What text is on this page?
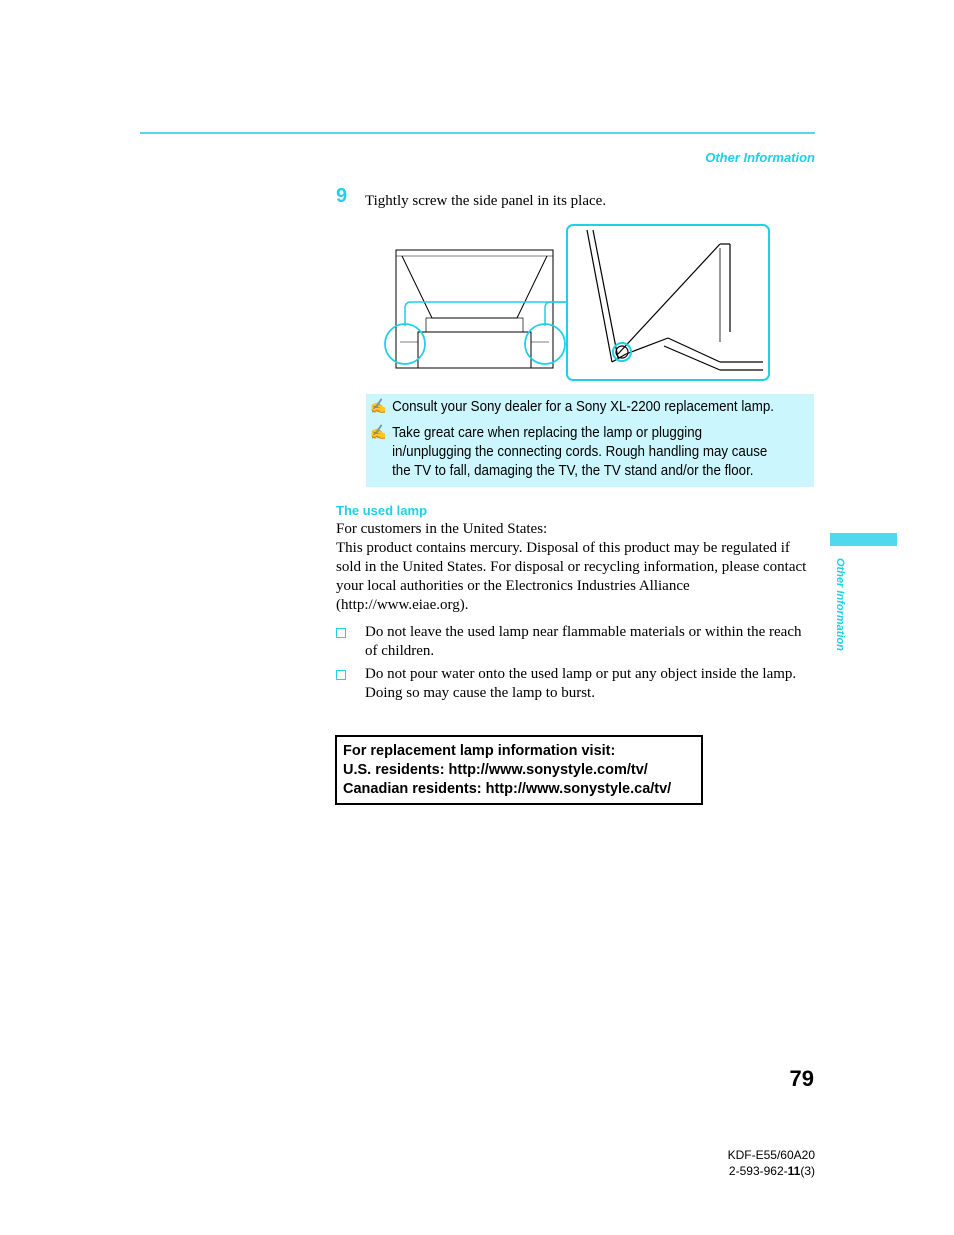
Other Information
9 Tightly screw the side panel in its place.
✍ Consult your Sony dealer for a Sony XL-2200 replacement lamp.
✍ Take great care when replacing the lamp or plugging in/unplugging the connecting cords. Rough handling may cause the TV to fall, damaging the TV, the TV stand and/or the floor.
The used lamp
For customers in the United States:
This product contains mercury. Disposal of this product may be regulated if sold in the United States. For disposal or recycling information, please contact your local authorities or the Electronics Industries Alliance (http://www.eiae.org).
Do not leave the used lamp near flammable materials or within the reach of children.
Do not pour water onto the used lamp or put any object inside the lamp. Doing so may cause the lamp to burst.
For replacement lamp information visit:
U.S. residents: http://www.sonystyle.com/tv/
Canadian residents: http://www.sonystyle.ca/tv/
Other Information
79
KDF-E55/60A20
2-593-962-11(3)
